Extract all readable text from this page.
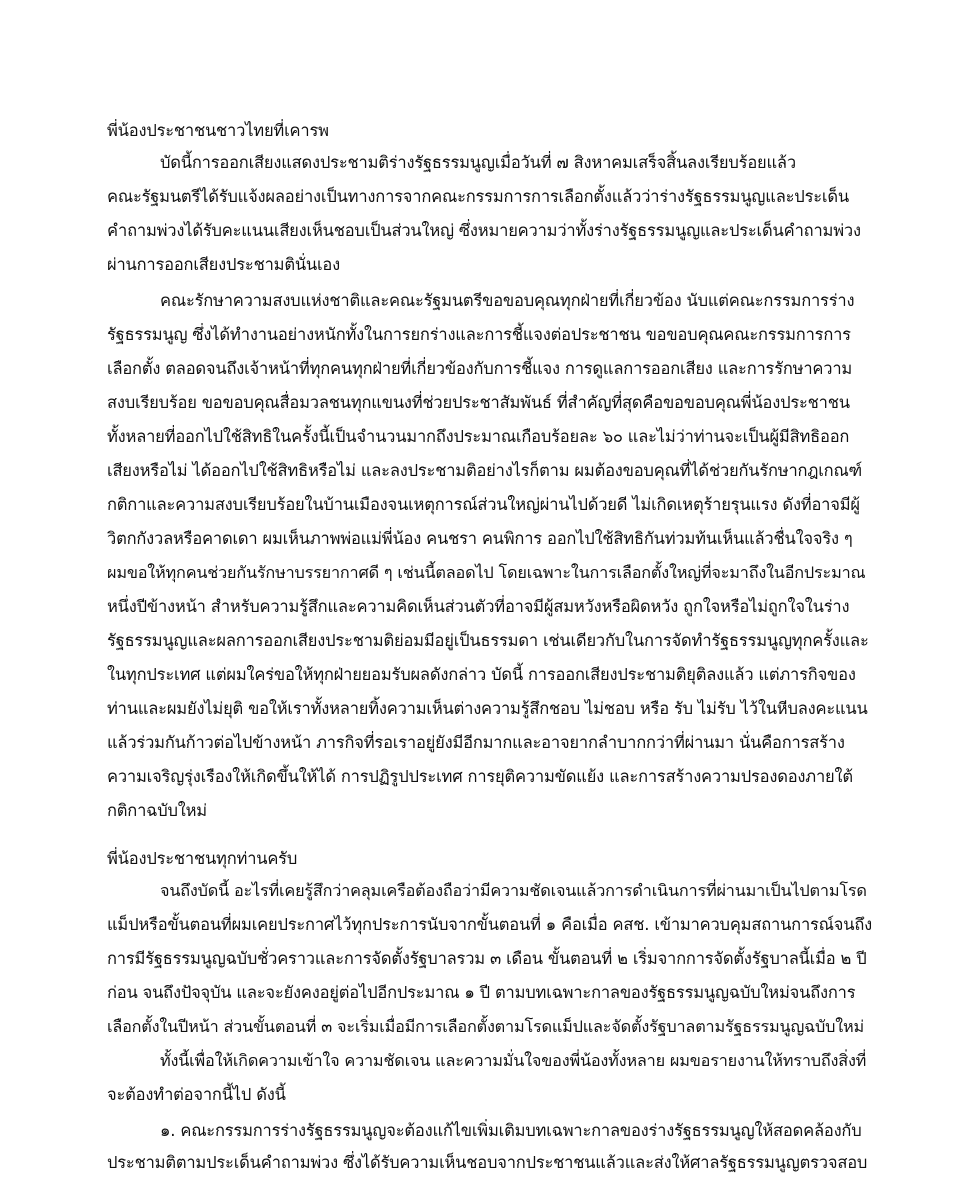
พี่น้องประชาชนชาวไทยที่เคารพ
บัดนี้การออกเสียงแสดงประชามติร่างรัฐธรรมนูญเมื่อวันที่ ๗ สิงหาคมเสร็จสิ้นลงเรียบร้อยแล้ว
คณะรัฐมนตรีได้รับแจ้งผลอย่างเป็นทางการจากคณะกรรมการการเลือกตั้งแล้วว่าร่างรัฐธรรมนูญและประเด็น
คำถามพ่วงได้รับคะแนนเสียงเห็นชอบเป็นส่วนใหญ่ ซึ่งหมายความว่าทั้งร่างรัฐธรรมนูญและประเด็นคำถามพ่วง
ผ่านการออกเสียงประชามตินั่นเอง
คณะรักษาความสงบแห่งชาติและคณะรัฐมนตรีขอขอบคุณทุกฝ่ายที่เกี่ยวข้อง นับแต่คณะกรรมการร่าง
รัฐธรรมนูญ ซึ่งได้ทำงานอย่างหนักทั้งในการยกร่างและการชี้แจงต่อประชาชน ขอขอบคุณคณะกรรมการการ
เลือกตั้ง ตลอดจนถึงเจ้าหน้าที่ทุกคนทุกฝ่ายที่เกี่ยวข้องกับการชี้แจง การดูแลการออกเสียง และการรักษาความ
สงบเรียบร้อย ขอขอบคุณสื่อมวลชนทุกแขนงที่ช่วยประชาสัมพันธ์ ที่สำคัญที่สุดคือขอขอบคุณพี่น้องประชาชน
ทั้งหลายที่ออกไปใช้สิทธิในครั้งนี้เป็นจำนวนมากถึงประมาณเกือบร้อยละ ๖๐ และไม่ว่าท่านจะเป็นผู้มีสิทธิออก
เสียงหรือไม่ ได้ออกไปใช้สิทธิหรือไม่ และลงประชามติอย่างไรก็ตาม ผมต้องขอบคุณที่ได้ช่วยกันรักษากฎเกณฑ์
กติกาและความสงบเรียบร้อยในบ้านเมืองจนเหตุการณ์ส่วนใหญ่ผ่านไปด้วยดี ไม่เกิดเหตุร้ายรุนแรง ดังที่อาจมีผู้
วิตกกังวลหรือคาดเดา ผมเห็นภาพพ่อแม่พี่น้อง คนชรา คนพิการ ออกไปใช้สิทธิกันท่วมท้นเห็นแล้วชื่นใจจริง ๆ
ผมขอให้ทุกคนช่วยกันรักษาบรรยากาศดี ๆ เช่นนี้ตลอดไป โดยเฉพาะในการเลือกตั้งใหญ่ที่จะมาถึงในอีกประมาณ
หนึ่งปีข้างหน้า สำหรับความรู้สึกและความคิดเห็นส่วนตัวที่อาจมีผู้สมหวังหรือผิดหวัง ถูกใจหรือไม่ถูกใจในร่าง
รัฐธรรมนูญและผลการออกเสียงประชามติย่อมมีอยู่เป็นธรรมดา เช่นเดียวกับในการจัดทำรัฐธรรมนูญทุกครั้งและ
ในทุกประเทศ แต่ผมใคร่ขอให้ทุกฝ่ายยอมรับผลดังกล่าว บัดนี้ การออกเสียงประชามติยุติลงแล้ว แต่ภารกิจของ
ท่านและผมยังไม่ยุติ ขอให้เราทั้งหลายทิ้งความเห็นต่างความรู้สึกชอบ ไม่ชอบ หรือ รับ ไม่รับ ไว้ในหีบลงคะแนน
แล้วร่วมกันก้าวต่อไปข้างหน้า ภารกิจที่รอเราอยู่ยังมีอีกมากและอาจยากลำบากกว่าที่ผ่านมา นั่นคือการสร้าง
ความเจริญรุ่งเรืองให้เกิดขึ้นให้ได้ การปฏิรูปประเทศ การยุติความขัดแย้ง และการสร้างความปรองดองภายใต้
กติกาฉบับใหม่
พี่น้องประชาชนทุกท่านครับ
จนถึงบัดนี้ อะไรที่เคยรู้สึกว่าคลุมเครือต้องถือว่ามีความชัดเจนแล้วการดำเนินการที่ผ่านมาเป็นไปตามโรด
แม็ปหรือขั้นตอนที่ผมเคยประกาศไว้ทุกประการนับจากขั้นตอนที่ ๑ คือเมื่อ คสช. เข้ามาควบคุมสถานการณ์จนถึง
การมีรัฐธรรมนูญฉบับชั่วคราวและการจัดตั้งรัฐบาลรวม ๓ เดือน ขั้นตอนที่ ๒ เริ่มจากการจัดตั้งรัฐบาลนี้เมื่อ ๒ ปี
ก่อน จนถึงปัจจุบัน และจะยังคงอยู่ต่อไปอีกประมาณ ๑ ปี ตามบทเฉพาะกาลของรัฐธรรมนูญฉบับใหม่จนถึงการ
เลือกตั้งในปีหน้า ส่วนขั้นตอนที่ ๓ จะเริ่มเมื่อมีการเลือกตั้งตามโรดแม็ปและจัดตั้งรัฐบาลตามรัฐธรรมนูญฉบับใหม่
ทั้งนี้เพื่อให้เกิดความเข้าใจ ความชัดเจน และความมั่นใจของพี่น้องทั้งหลาย ผมขอรายงานให้ทราบถึงสิ่งที่
จะต้องทำต่อจากนี้ไป ดังนี้
๑. คณะกรรมการร่างรัฐธรรมนูญจะต้องแก้ไขเพิ่มเติมบทเฉพาะกาลของร่างรัฐธรรมนูญให้สอดคล้องกับ
ประชามติตามประเด็นคำถามพ่วง ซึ่งได้รับความเห็นชอบจากประชาชนแล้วและส่งให้ศาลรัฐธรรมนูญตรวจสอบ
